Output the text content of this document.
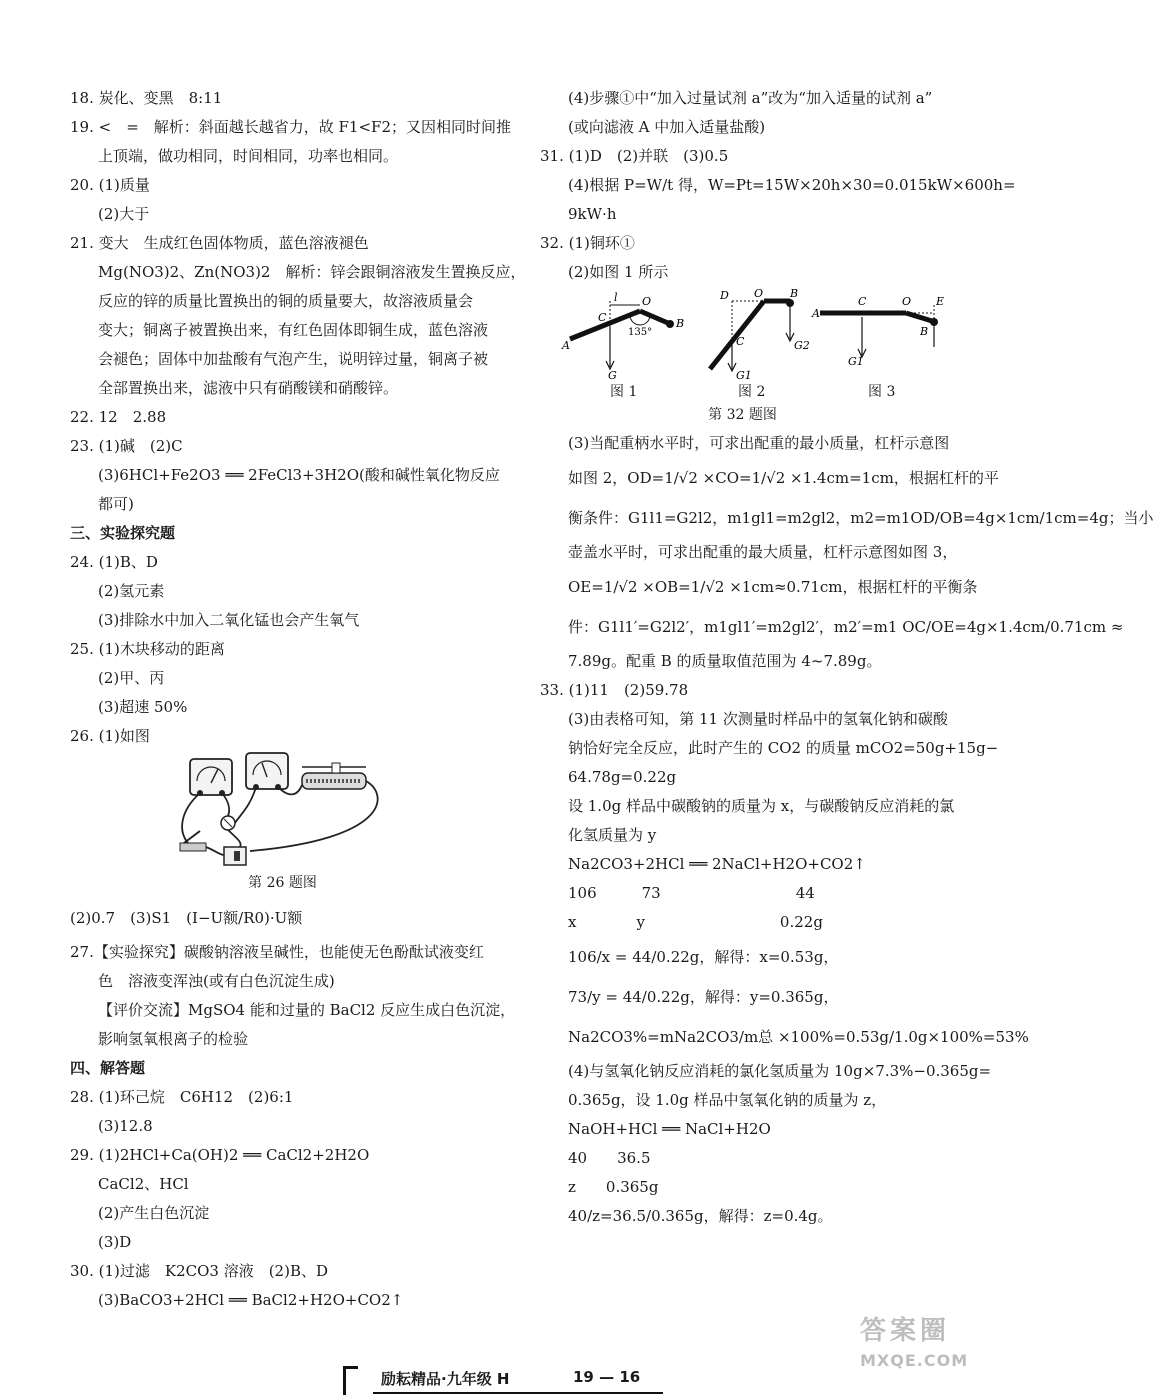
18. 炭化、变黑　8:11
19. <　=　解析：斜面越长越省力，故 F1<F2；又因相同时间推
上顶端，做功相同，时间相同，功率也相同。
20. (1)质量
(2)大于
21. 变大　生成红色固体物质，蓝色溶液褪色
Mg(NO3)2、Zn(NO3)2　解析：锌会跟铜溶液发生置换反应，
反应的锌的质量比置换出的铜的质量要大，故溶液质量会
变大；铜离子被置换出来，有红色固体即铜生成，蓝色溶液
会褪色；固体中加盐酸有气泡产生，说明锌过量，铜离子被
全部置换出来，滤液中只有硝酸镁和硝酸锌。
22. 12　2.88
23. (1)碱　(2)C
(3)6HCl+Fe2O3 ══ 2FeCl3+3H2O(酸和碱性氧化物反应
都可)
三、实验探究题
24. (1)B、D
(2)氢元素
(3)排除水中加入二氧化锰也会产生氧气
25. (1)木块移动的距离
(2)甲、丙
(3)超速 50%
26. (1)如图
第 26 题图
(2)0.7　(3)S1　(I−U额/R0)·U额
27.【实验探究】碳酸钠溶液呈碱性，也能使无色酚酞试液变红
色　溶液变浑浊(或有白色沉淀生成)
【评价交流】MgSO4 能和过量的 BaCl2 反应生成白色沉淀，
影响氢氧根离子的检验
四、解答题
28. (1)环己烷　C6H12　(2)6:1
(3)12.8
29. (1)2HCl+Ca(OH)2 ══ CaCl2+2H2O
CaCl2、HCl
(2)产生白色沉淀
(3)D
30. (1)过滤　K2CO3 溶液　(2)B、D
(3)BaCO3+2HCl ══ BaCl2+H2O+CO2↑
(4)步骤①中“加入过量试剂 a”改为“加入适量的试剂 a”
(或向滤液 A 中加入适量盐酸)
31. (1)D　(2)并联　(3)0.5
(4)根据 P=W/t 得，W=Pt=15W×20h×30=0.015kW×600h=
9kW·h
32. (1)铜环①
(2)如图 1 所示
l O
C
A
B
135°
G
D O B
C
G1
G2
C	O E
A
B
G1
图 1	图 2	图 3
第 32 题图
(3)当配重柄水平时，可求出配重的最小质量，杠杆示意图
如图 2，OD=1/√2 ×CO=1/√2 ×1.4cm=1cm，根据杠杆的平
衡条件：G1l1=G2l2，m1gl1=m2gl2，m2=m1OD/OB=4g×1cm/1cm=4g；当小
壶盖水平时，可求出配重的最大质量，杠杆示意图如图 3，
OE=1/√2 ×OB=1/√2 ×1cm≈0.71cm，根据杠杆的平衡条
件：G1l1′=G2l2′，m1gl1′=m2gl2′，m2′=m1 OC/OE=4g×1.4cm/0.71cm ≈
7.89g。配重 B 的质量取值范围为 4~7.89g。
33. (1)11　(2)59.78
(3)由表格可知，第 11 次测量时样品中的氢氧化钠和碳酸
钠恰好完全反应，此时产生的 CO2 的质量 mCO2=50g+15g−
64.78g=0.22g
设 1.0g 样品中碳酸钠的质量为 x，与碳酸钠反应消耗的氯
化氢质量为 y
Na2CO3+2HCl ══ 2NaCl+H2O+CO2↑
106　　　73　　　　　　　　　44
x　　　　y　　　　　　　　　0.22g
106/x = 44/0.22g，解得：x=0.53g，
73/y = 44/0.22g，解得：y=0.365g，
Na2CO3%=mNa2CO3/m总 ×100%=0.53g/1.0g×100%=53%
(4)与氢氧化钠反应消耗的氯化氢质量为 10g×7.3%−0.365g=
0.365g，设 1.0g 样品中氢氧化钠的质量为 z，
NaOH+HCl ══ NaCl+H2O
40　　36.5
z　　0.365g
40/z=36.5/0.365g，解得：z=0.4g。
励耘精品·九年级 H	19 — 16
答案圈
MXQE.COM
